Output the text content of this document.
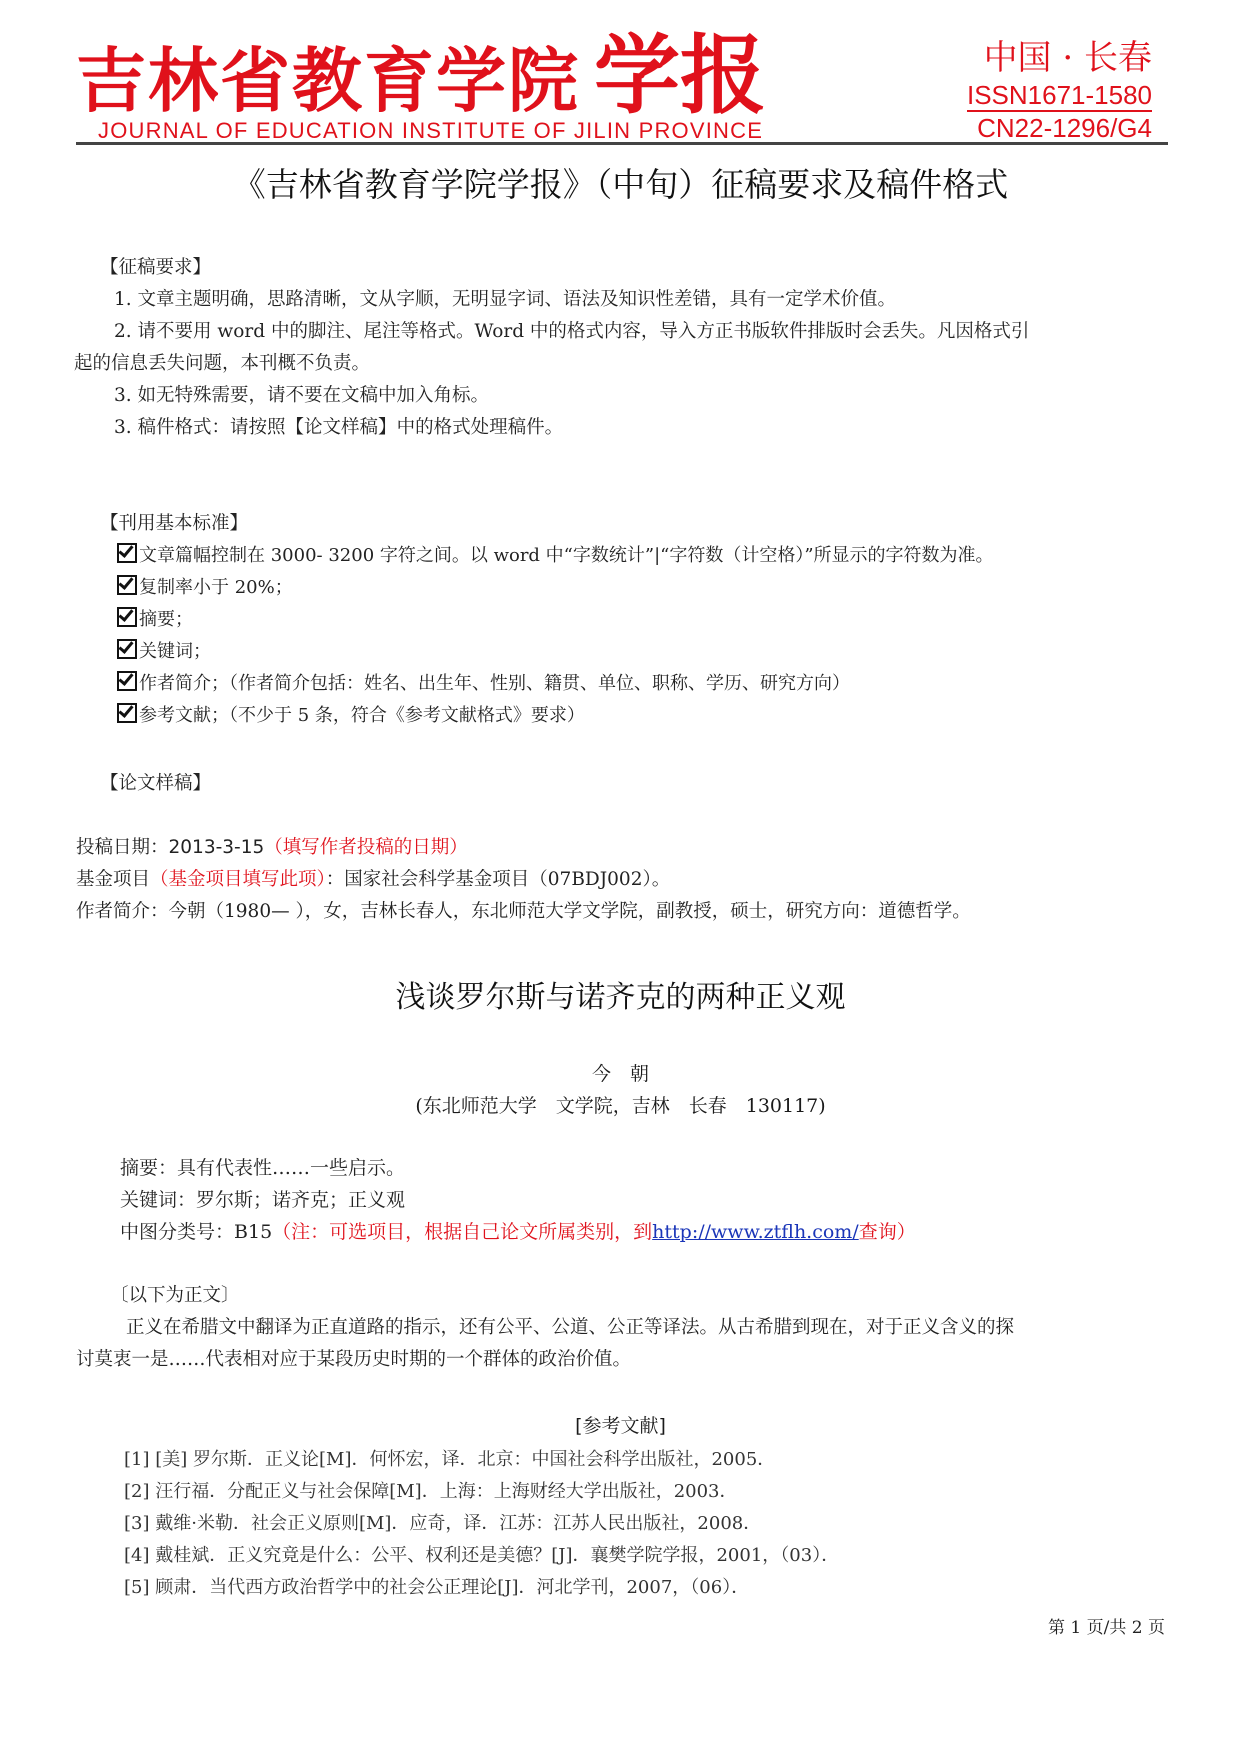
吉林省教育学院 学报
JOURNAL OF EDUCATION INSTITUTE OF JILIN PROVINCE
中国 · 长春
ISSN1671-1580
CN22-1296/G4
《吉林省教育学院学报》（中旬）征稿要求及稿件格式
【征稿要求】
1. 文章主题明确，思路清晰，文从字顺，无明显字词、语法及知识性差错，具有一定学术价值。
2. 请不要用 word 中的脚注、尾注等格式。Word 中的格式内容，导入方正书版软件排版时会丢失。凡因格式引
起的信息丢失问题，本刊概不负责。
3. 如无特殊需要，请不要在文稿中加入角标。
3. 稿件格式：请按照【论文样稿】中的格式处理稿件。
【刊用基本标准】
文章篇幅控制在 3000- 3200 字符之间。以 word 中“字数统计”|“字符数（计空格）”所显示的字符数为准。
复制率小于 20%；
摘要；
关键词；
作者简介；（作者简介包括：姓名、出生年、性别、籍贯、单位、职称、学历、研究方向）
参考文献；（不少于 5 条，符合《参考文献格式》要求）
【论文样稿】
投稿日期：2013-3-15（填写作者投稿的日期）
基金项目（基金项目填写此项）：国家社会科学基金项目（07BDJ002）。
作者简介：今朝（1980— ），女，吉林长春人，东北师范大学文学院，副教授，硕士，研究方向：道德哲学。
浅谈罗尔斯与诺齐克的两种正义观
今　朝
(东北师范大学　文学院，吉林　长春　130117)
摘要：具有代表性……一些启示。
关键词：罗尔斯；诺齐克；正义观
中图分类号：B15（注：可选项目，根据自己论文所属类别，到http://www.ztflh.com/查询）
〔以下为正文〕
正义在希腊文中翻译为正直道路的指示，还有公平、公道、公正等译法。从古希腊到现在，对于正义含义的探
讨莫衷一是……代表相对应于某段历史时期的一个群体的政治价值。
[参考文献]
[1] [美] 罗尔斯．正义论[M]．何怀宏，译．北京：中国社会科学出版社，2005．
[2] 汪行福．分配正义与社会保障[M]．上海：上海财经大学出版社，2003．
[3] 戴维·米勒．社会正义原则[M]．应奇，译．江苏：江苏人民出版社，2008．
[4] 戴桂斌．正义究竟是什么：公平、权利还是美德？[J]．襄樊学院学报，2001，（03）．
[5] 顾肃．当代西方政治哲学中的社会公正理论[J]．河北学刊，2007，（06）．
第 1 页/共 2 页
